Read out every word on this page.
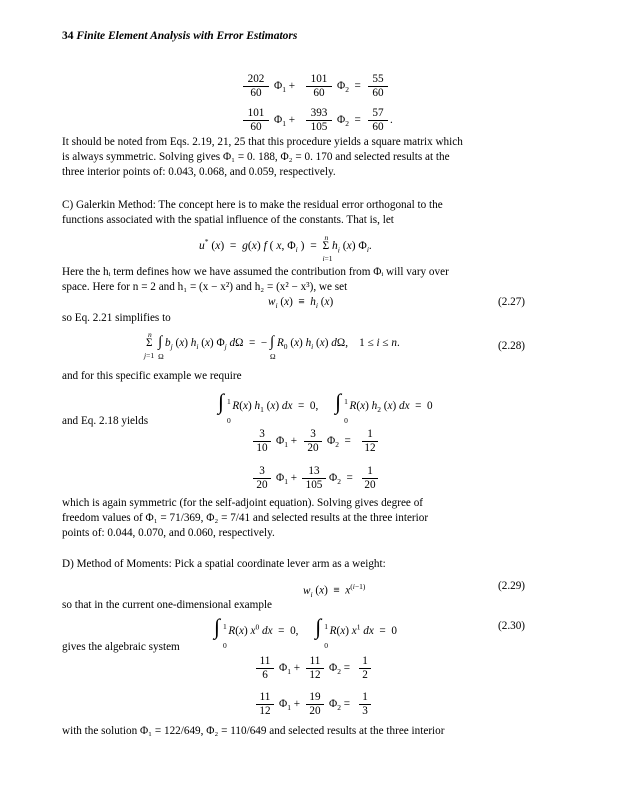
34 Finite Element Analysis with Error Estimators
$\frac{202}{60} \Phi_1 + \frac{101}{60} \Phi_2 = \frac{55}{60}$
$\frac{101}{60} \Phi_1 + \frac{393}{105} \Phi_2 = \frac{57}{60}$ .

It should be noted from Eqs. 2.19, 21, 25 that this procedure yields a square matrix which

is always symmetric. Solving gives Φ₁ = 0. 188, Φ₂ = 0. 170 and selected results at the

three interior points of: 0.043, 0.068, and 0.059, respectively.

C) Galerkin Method: The concept here is to make the residual error orthogonal to the

functions associated with the spatial influence of the constants. That is, let

u* (x)  =  g(x) f ( x, $\Phi_i$ )  =  Σ
n
i=1
$h_i$ (x) $\Phi_i$.

Here the hᵢ term defines how we have assumed the contribution from Φᵢ will vary over

space. Here for n = 2 and h₁ = (x − x²) and h₂ = (x² − x³), we set

$w_i$ $(x) \equiv h_i$ (x)	(2.27)

so Eq. 2.21 simplifies to

Σ
n
j=1
∫
Ω
$b_j$ (x) $h_i$ (x) $\Phi_j$ dΩ  =  − ∫
Ω
$R_0$ (x) $h_i$ (x) dΩ,    1 ≤ i ≤ n.	(2.28)

and for this specific example we require

∫ 1
0
R(x) $h_1$ (x) dx  =  0,      ∫ 1
0
R(x) $h_2$ (x) dx  =  0

and Eq. 2.18 yields

$\frac{3}{10} \Phi_1 + \frac{3}{20} \Phi_2 = \frac{1}{12}$
$\frac{3}{20} \Phi_1 + \frac{13}{105} \Phi_2 = \frac{1}{20}$

which is again symmetric (for the self-adjoint equation). Solving gives degree of

freedom values of Φ₁ = 71/369, Φ₂ = 7/41 and selected results at the three interior

points of: 0.044, 0.070, and 0.060, respectively.

D) Method of Moments: Pick a spatial coordinate lever arm as a weight:

$w_i$ $(x) \equiv x^{(i-1)}$	(2.29)

so that in the current one-dimensional example

∫ 1
0
R(x) $x^0$ dx  =  0,      ∫ 1
0
R(x) $x^1$ dx  =  0	(2.30)

gives the algebraic system

$\frac{11}{6} \Phi_1 + \frac{11}{12} \Phi_2 = \frac{1}{2}$
$\frac{11}{12} \Phi_1 + \frac{19}{20} \Phi_2 = \frac{1}{3}$

with the solution Φ₁ = 122/649, Φ₂ = 110/649 and selected results at the three interior
